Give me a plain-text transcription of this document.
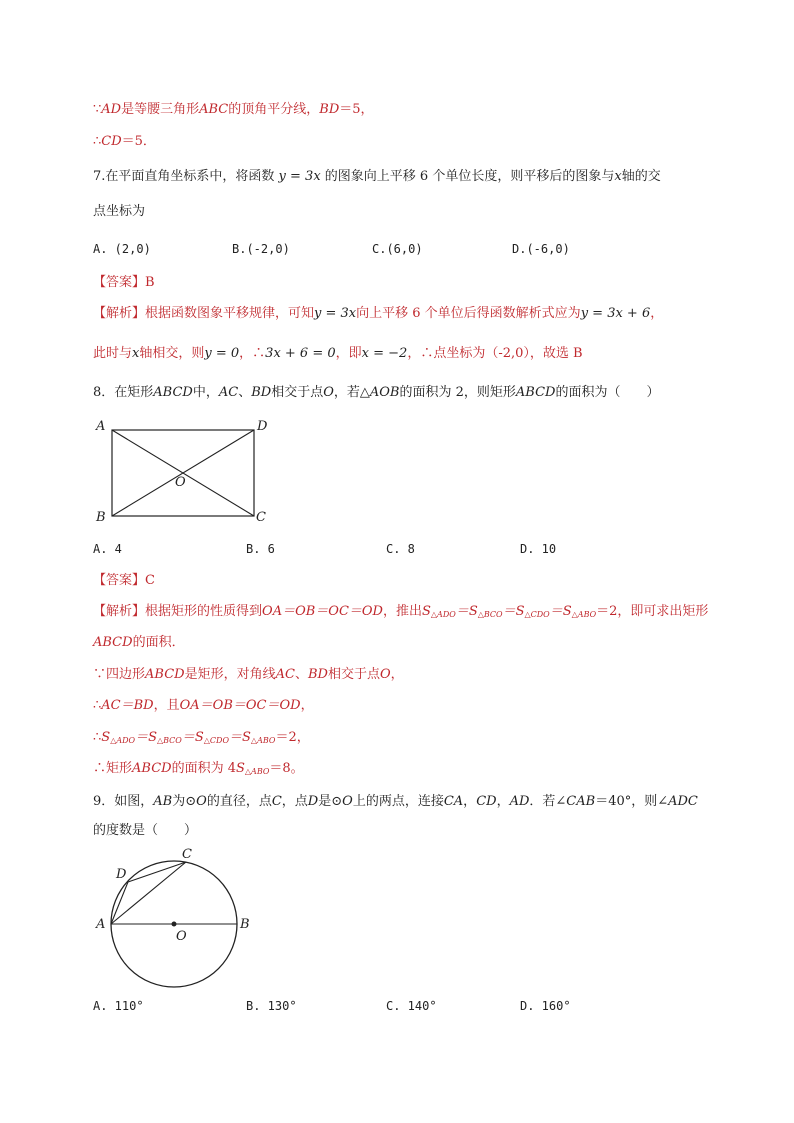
∵AD是等腰三角形ABC的顶角平分线，BD＝5，
∴CD＝5．
7.在平面直角坐标系中，将函数 y = 3x 的图象向上平移 6 个单位长度，则平移后的图象与x轴的交
点坐标为
A. (2,0)	B.(-2,0)	C.(6,0)	D.(-6,0)
【答案】B
【解析】根据函数图象平移规律，可知y = 3x向上平移 6 个单位后得函数解析式应为y = 3x + 6，
此时与x轴相交，则y = 0，∴3x + 6 = 0，即x = −2，∴点坐标为（-2,0），故选 B
8．在矩形ABCD中，AC、BD相交于点O，若△AOB的面积为 2，则矩形ABCD的面积为（　　）
A	D
B	C
O
A. 4	B. 6	C. 8	D. 10
【答案】C
【解析】根据矩形的性质得到OA＝OB＝OC＝OD，推出$S_{\triangle ADO}=S_{\triangle BCO}=S_{\triangle CDO}=S_{\triangle ABO}=2$，即可求出矩形
ABCD的面积．
∵四边形ABCD是矩形，对角线AC、BD相交于点O，
∴AC＝BD，且OA＝OB＝OC＝OD，
$\therefore S_{\triangle ADO}=S_{\triangle BCO}=S_{\triangle CDO}=S_{\triangle ABO}=2$，
∴矩形ABCD的面积为 $4S_{\triangle ABO}=8$。
9．如图，AB为⊙O的直径，点C，点D是⊙O上的两点，连接CA，CD，AD．若∠CAB＝40°，则∠ADC
的度数是（　　）
A	B
C
D
O
A. 110°	B. 130°	C. 140°	D. 160°
